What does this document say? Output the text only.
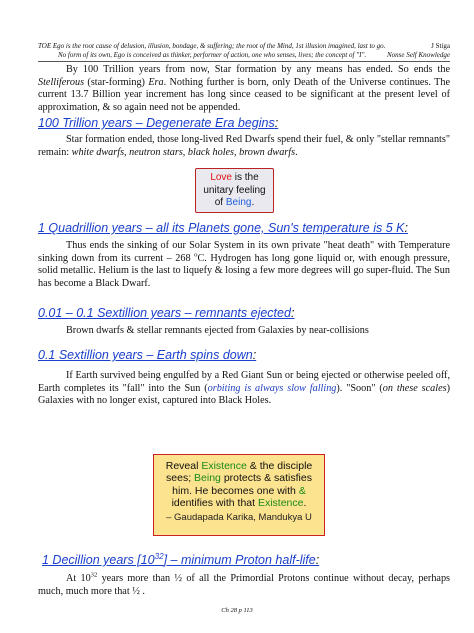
TOE Ego is the root cause of delusion, illusion, bondage, & suffering; the root of the Mind, 1st illusion imagined, last to go.	J Stiga
No form of its own, Ego is conceived as thinker, performer of action, one who senses, lives; the concept of "I".	Nonse Self Knowledge

By 100 Trillion years from now, Star formation by any means has ended. So ends the Stelliferous (star-forming) Era. Nothing further is born, only Death of the Universe continues. The current 13.7 Billion year increment has long since ceased to be significant at the present level of approximation, & so again need not be appended.

100 Trillion years – Degenerate Era begins:

Star formation ended, those long-lived Red Dwarfs spend their fuel, & only "stellar remnants" remain: white dwarfs, neutron stars, black holes, brown dwarfs.

Love is the
unitary feeling
of Being.
1 Quadrillion years – all its Planets gone, Sun's temperature is 5 K:

Thus ends the sinking of our Solar System in its own private "heat death" with Temperature sinking down from its current – 268 $^o$C. Hydrogen has long gone liquid or, with enough pressure, solid metallic. Helium is the last to liquefy & losing a few more degrees will go super-fluid. The Sun has become a Black Dwarf.

0.01 – 0.1 Sextillion years – remnants ejected:

Brown dwarfs & stellar remnants ejected from Galaxies by near-collisions

0.1 Sextillion years – Earth spins down:

If Earth survived being engulfed by a Red Giant Sun or being ejected or otherwise peeled off, Earth completes its "fall" into the Sun (orbiting is always slow falling). "Soon" (on these scales) Galaxies with no longer exist, captured into Black Holes.

Reveal Existence & the disciple
sees; Being protects & satisfies
him. He becomes one with &
identifies with that Existence.
– Gaudapada Karika, Mandukya U
1 Decillion years $[10^{32}]$ – minimum Proton half-life:

At $10^{32}$ years more than ½ of all the Primordial Protons continue without decay, perhaps much, much more that ½ .

Ch 28 p 113
